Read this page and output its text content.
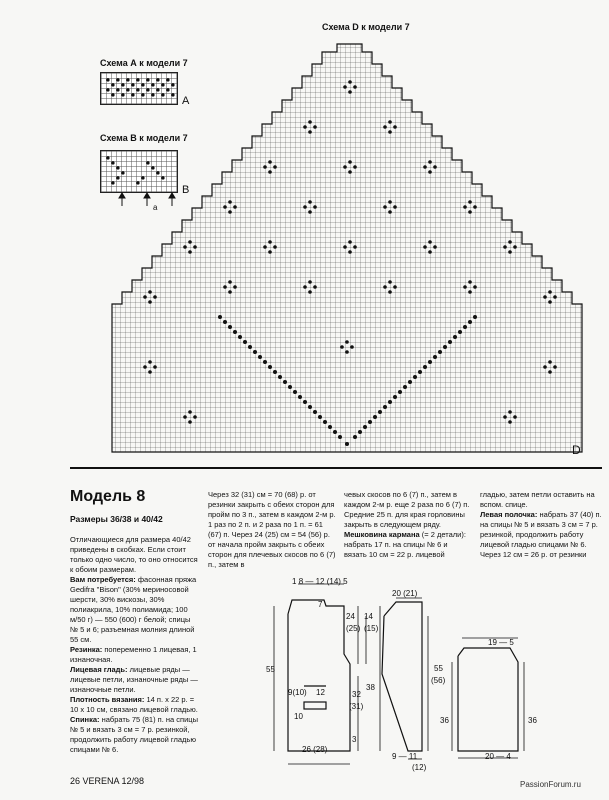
Схема А к модели 7
A
Схема В к модели 7
a
B
Схема D к модели 7
D
Модель 8
Размеры 36/38 и 40/42

Отличающиеся для размера 40/42 приведены в скобках. Если стоит только одно число, то оно относится к обоим размерам.

Вам потребуется: фасонная пряжа Gedifra "Bison" (30% мериносовой шерсти, 30% вискозы, 30% полиакрила, 10% полиамида; 100 м/50 г) — 550 (600) г белой; спицы № 5 и 6; разъемная молния длиной 55 см.

Резинка: попеременно 1 лицевая, 1 изнаночная.

Лицевая гладь: лицевые ряды — лицевые петли, изнаночные ряды — изнаночные петли.

Плотность вязания: 14 п. x 22 р. = 10 x 10 см, связано лицевой гладью.

Спинка: набрать 75 (81) п. на спицы № 5 и вязать 3 см = 7 р. резинкой, продолжить работу лицевой гладью спицами № 6.

Через 32 (31) см = 70 (68) р. от резинки закрыть с обеих сторон для пройм по 3 п., затем в каждом 2-м р. 1 раз по 2 п. и 2 раза по 1 п. = 61 (67) п. Через 24 (25) см = 54 (56) р. от начала пройм закрыть с обеих сторон для плечевых скосов по 6 (7) п., затем в

чевых скосов по 6 (7) п., затем в каждом 2-м р. еще 2 раза по 6 (7) п. Средние 25 п. для края горловины закрыть в следующем ряду.

Мешковина кармана (= 2 детали): набрать 17 п. на спицы № 6 и вязать 10 см = 22 р. лицевой

гладью, затем петли оставить на вспом. спице.

Левая полочка: набрать 37 (40) п. на спицы № 5 и вязать 3 см = 7 р. резинкой, продолжить работу лицевой гладью спицами № 6. Через 12 см = 26 р. от резинки

1 8 — 12 (14) 5
55
24
(25)
14
(15)
7
9(10) 12	32
(31)
38
10
3
26 (28)
20 (21)
55
(56)
9 — 11
(12)
19 — 5
36	36
20 — 4
26 VERENA 12/98	PassionForum.ru
